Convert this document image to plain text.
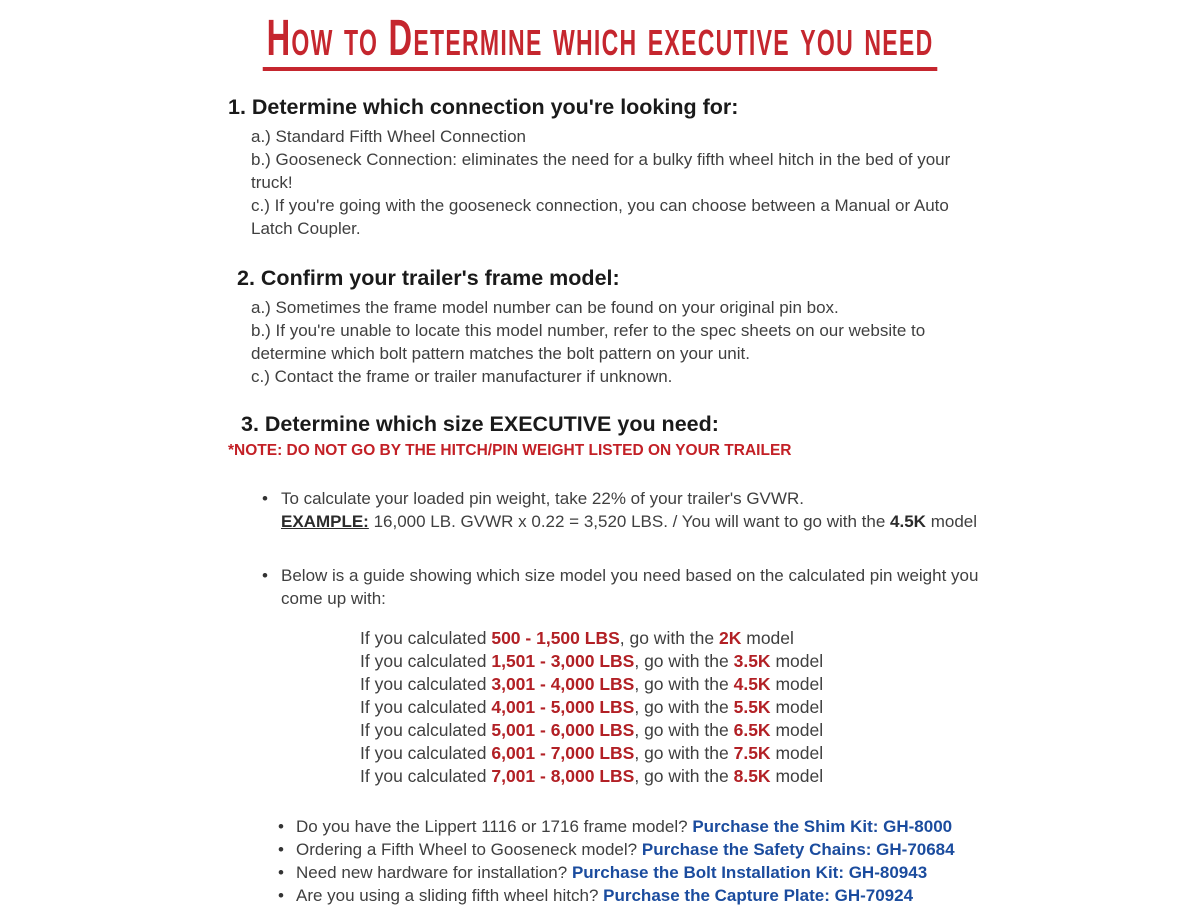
How to Determine which executive you need
1. Determine which connection you're looking for:

a.) Standard Fifth Wheel Connection

b.) Gooseneck Connection: eliminates the need for a bulky fifth wheel hitch in the bed of your truck!

c.) If you're going with the gooseneck connection, you can choose between a Manual or Auto Latch Coupler.

2. Confirm your trailer's frame model:

a.) Sometimes the frame model number can be found on your original pin box.

b.) If you're unable to locate this model number, refer to the spec sheets on our website to determine which bolt pattern matches the bolt pattern on your unit.

c.) Contact the frame or trailer manufacturer if unknown.

3. Determine which size EXECUTIVE you need:

*NOTE: DO NOT GO BY THE HITCH/PIN WEIGHT LISTED ON YOUR TRAILER

•

To calculate your loaded pin weight, take 22% of your trailer's GVWR.

EXAMPLE: 16,000 LB. GVWR x 0.22 = 3,520 LBS. / You will want to go with the 4.5K model

•

Below is a guide showing which size model you need based on the calculated pin weight you come up with:

If you calculated 500 - 1,500 LBS, go with the 2K model

If you calculated 1,501 - 3,000 LBS, go with the 3.5K model

If you calculated 3,001 - 4,000 LBS, go with the 4.5K model

If you calculated 4,001 - 5,000 LBS, go with the 5.5K model

If you calculated 5,001 - 6,000 LBS, go with the 6.5K model

If you calculated 6,001 - 7,000 LBS, go with the 7.5K model

If you calculated 7,001 - 8,000 LBS, go with the 8.5K model

•

Do you have the Lippert 1116 or 1716 frame model? Purchase the Shim Kit: GH-8000

•

Ordering a Fifth Wheel to Gooseneck model? Purchase the Safety Chains: GH-70684

•

Need new hardware for installation? Purchase the Bolt Installation Kit: GH-80943

•

Are you using a sliding fifth wheel hitch? Purchase the Capture Plate: GH-70924
